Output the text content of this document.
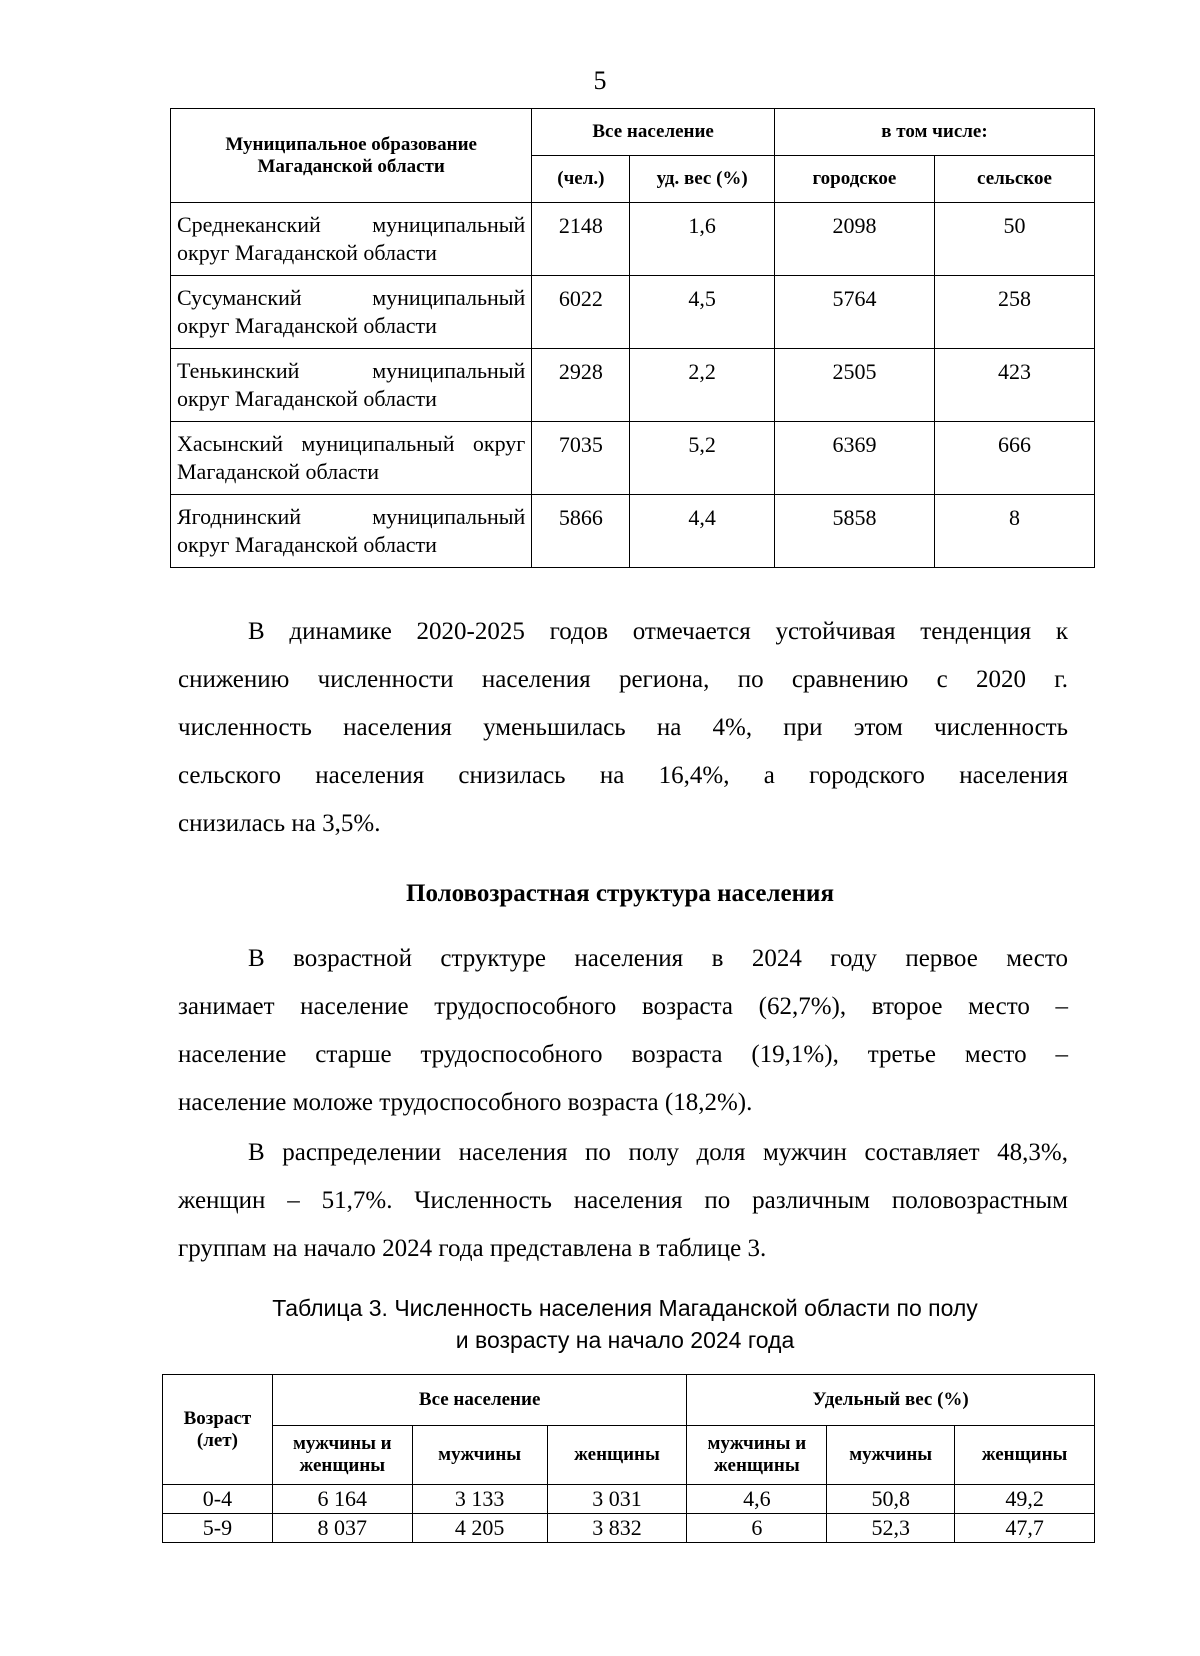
5
Муниципальное образование Магаданской области	Все население		в том числе:	
	(чел.)	уд. вес (%)	городское	сельское

Среднеканский муниципальный
округ Магаданской области	2148	1,6	2098	50

Сусуманский муниципальный
округ Магаданской области	6022	4,5	5764	258

Тенькинский муниципальный
округ Магаданской области	2928	2,2	2505	423

Хасынский муниципальный округ
Магаданской области	7035	5,2	6369	666

Ягоднинский муниципальный
округ Магаданской области	5866	4,4	5858	8
В динамике 2020-2025 годов отмечается устойчивая тенденция к
снижению численности населения региона, по сравнению с 2020 г.
численность населения уменьшилась на 4%, при этом численность
сельского населения снизилась на 16,4%, а городского населения
снизилась на 3,5%.
Половозрастная структура населения
В возрастной структуре населения в 2024 году первое место
занимает население трудоспособного возраста (62,7%), второе место –
население старше трудоспособного возраста (19,1%), третье место –
население моложе трудоспособного возраста (18,2%).
В распределении населения по полу доля мужчин составляет 48,3%,
женщин – 51,7%. Численность населения по различным половозрастным
группам на начало 2024 года представлена в таблице 3.
Таблица 3. Численность населения Магаданской области по полу
и возрасту на начало 2024 года
Возраст (лет)	Все население			Удельный вес (%)		
	мужчины и женщины	мужчины	женщины	мужчины и женщины	мужчины	женщины
0-4	6 164	3 133	3 031	4,6	50,8	49,2
5-9	8 037	4 205	3 832	6	52,3	47,7
